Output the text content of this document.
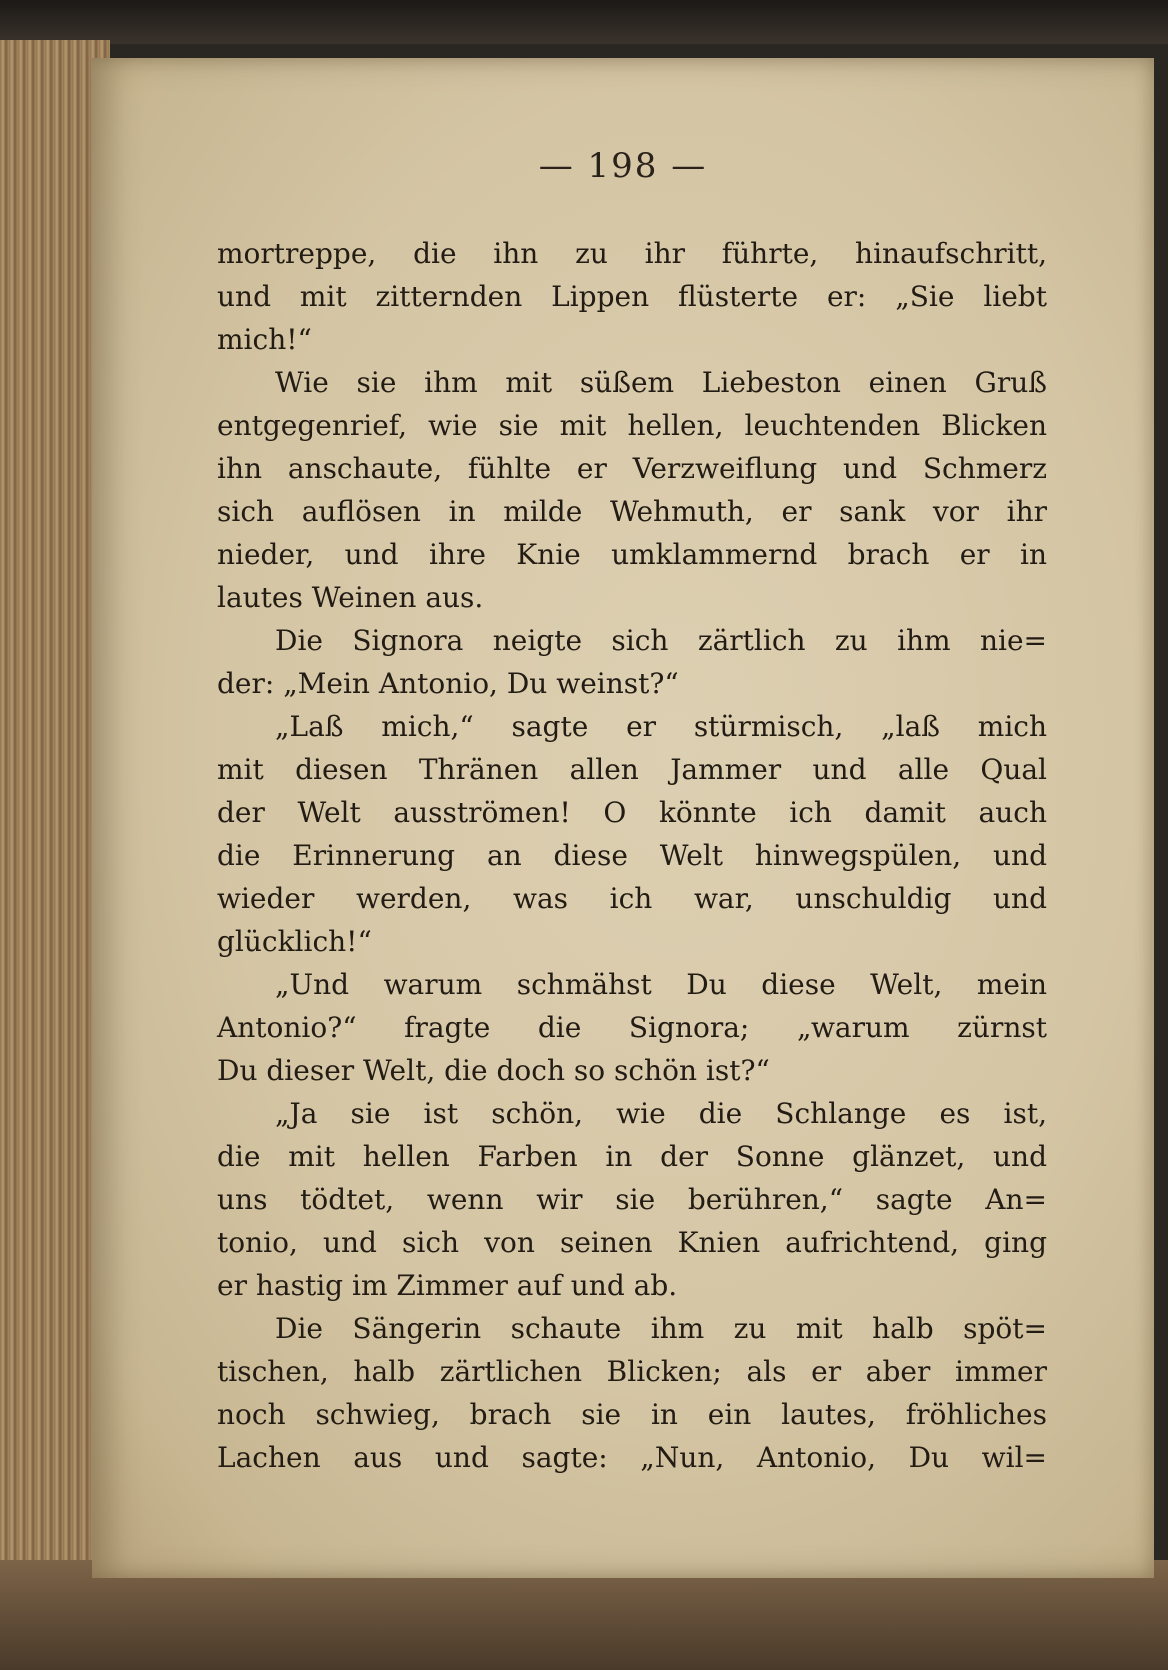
— 198 —
mortreppe, die ihn zu ihr führte, hinaufschritt,
und mit zitternden Lippen flüsterte er: „Sie liebt
mich!“
Wie sie ihm mit süßem Liebeston einen Gruß
entgegenrief, wie sie mit hellen, leuchtenden Blicken
ihn anschaute, fühlte er Verzweiflung und Schmerz
sich auflösen in milde Wehmuth, er sank vor ihr
nieder, und ihre Knie umklammernd brach er in
lautes Weinen aus.
Die Signora neigte sich zärtlich zu ihm nie=
der: „Mein Antonio, Du weinst?“
„Laß mich,“ sagte er stürmisch, „laß mich
mit diesen Thränen allen Jammer und alle Qual
der Welt ausströmen! O könnte ich damit auch
die Erinnerung an diese Welt hinwegspülen, und
wieder werden, was ich war, unschuldig und
glücklich!“
„Und warum schmähst Du diese Welt, mein
Antonio?“ fragte die Signora; „warum zürnst
Du dieser Welt, die doch so schön ist?“
„Ja sie ist schön, wie die Schlange es ist,
die mit hellen Farben in der Sonne glänzet, und
uns tödtet, wenn wir sie berühren,“ sagte An=
tonio, und sich von seinen Knien aufrichtend, ging
er hastig im Zimmer auf und ab.
Die Sängerin schaute ihm zu mit halb spöt=
tischen, halb zärtlichen Blicken; als er aber immer
noch schwieg, brach sie in ein lautes, fröhliches
Lachen aus und sagte: „Nun, Antonio, Du wil=
